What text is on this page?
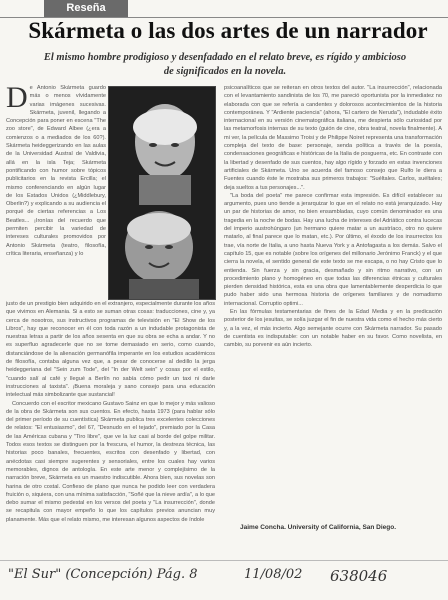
Reseña
Skármeta o las dos artes de un narrador

El mismo hombre prodigioso y desenfadado en el relato breve, es rígido y ambicioso de significados en la novela.

De Antonio Skármeta guardo más o menos vívidamente varias imágenes sucesivas. Skármeta, juvenil, llegando a Concepción para poner en escena "The zoo store", de Edward Albee (¿era a comienzos o a mediados de los 60?). Skármeta heideggerizando en las aulas de la Universidad Austral de Valdivia, allá en la isla Teja; Skármeta pontificando con humor sobre tópicos publicitarios en la revista Ercilla; el mismo conferenciando en algún lugar de los Estados Unidos (¿Middlebury, Oberlin?) y explicando a su audiencia el porqué de ciertas referencias a Los Beatles... ¡Ironías del recuerdo que permiten percibir la variedad de intereses culturales promovidos por Antonio Skármeta (teatro, filosofía, crítica literaria, enseñanza) y lo

justo de un prestigio bien adquirido en el extranjero, especialmente durante los años que vivimos en Alemania. Si a esto se suman otras cosas: traducciones, cine y, ya cerca de nosotros, sus instructivos programas de televisión en "El Show de los Libros", hay que reconocer en él con toda razón a un indudable protagonista de nuestras letras a partir de los años sesenta en que su obra se echa a andar. Y no es superfluo agradecerle que no se tome demasiado en serio, como cuando, distanciándose de la alienación germanófila imperante en los estudios académicos de filosofía, contaba alguna vez que, a pesar de conocerse al dedillo la jerga heideggeriana del "Sein zum Tode", del "In der Welt sein" y cosas por el estilo, "cuando salí al café y llegué a Berlín no sabía cómo pedir un taxi ni darle instrucciones al taxista". ¡Buena moraleja y sano consejo para una educación intelectual más simbolizante que sustancial!

Concuerdo con el escritor mexicano Gustavo Sainz en que lo mejor y más valioso de la obra de Skármeta son sus cuentos. En efecto, hasta 1973 (para hablar sólo del primer período de su cuentística) Skármeta publica tres excelentes colecciones de relatos: "El entusiasmo", del 67, "Desnudo en el tejado", premiado por la Casa de las Américas cubana y "Tiro libre", que ve la luz casi al borde del golpe militar. Todos esos textos se distinguen por la frescura, el humor, la destreza técnica, las historias poco banales, frecuentes, escritos con desenfado y libertad, con anécdotas casi siempre sugerentes y sensoriales, entre los cuales hay varios memorables, dignos de antología. En este arte menor y complejísimo de la narración breve, Skármeta es un maestro indiscutible. Ahora bien, sus novelas son harina de otro costal. Confieso de plano que nunca he podido leer con verdadera fruición o, siquiera, con una mínima satisfacción, "Soñé que la nieve ardía", a lo que debo sumar el mismo pedestal en los versos del poeta y "La insurrección", donde se recapitula con mayor empeño lo que los capítulos previos anuncian muy planamente. Más que el relato mismo, me interesan algunos aspectos de índole

psicoanalíticos que se reiteran en otros textos del autor. "La insurrección", relacionada con el levantamiento sandinista de los 70, me pareció oportunista por la inmediatez no elaborada con que se refería a candentes y dolorosos acontecimientos de la historia contemporánea. Y "Ardiente paciencia" (ahora, "El cartero de Neruda"), indudable éxito internacional en su versión cinematográfica italiana, me despierta sólo curiosidad por las metamorfosis internas de su texto (guión de cine, obra teatral, novela finalmente). A mi ver, la película de Massimo Troisi y de Philippe Noiret representa una transformación compleja del texto de base: personaje, senda política a través de la poesía, condensaciones geográficas e históricas de la Italia de posguerra, etc. En contraste con la libertad y desenfado de sus cuentos, hay algo rígido y forzado en estas invenciones artificiales de Skármeta. Uno se acuerda del famoso consejo que Rulfo le diera a Fuentes cuando éste le mostraba sus primeros trabajos: "Suéltales. Carlos, suéltales; deja sueltos a tus personajes...".

"La boda del poeta" me parece confirmar esta impresión. Es difícil establecer su argumento, pues uno tiende a jerarquizar lo que en el relato no está jerarquizado. Hay un par de historias de amor, no bien ensambladas, cuyo común denominador es una tragedia en la noche de bodas. Hay una lucha de intereses del Adriático contra lucecas del imperio austrohúngaro (un hermano quiere matar a un austríaco, otro no quiere matarlo, al final parece que lo matan, etc.). Por último, el éxodo de los insurrectos los trae, vía norte de Italia, a uno hasta Nueva York y a Antofagasta a los demás. Salvo el capítulo 15, que es notable (sobre los orígenes del millonario Jerónimo Franck) y el que cierra la novela, el sentido general de este texto se me escapa, o no hay Cristo que lo entienda. Sin fuerza y sin gracia, desmañado y sin ritmo narrativo, con un procedimiento plano y homogéneo en que todas las diferencias étnicas y culturales pierden densidad histórica, esta es una obra que lamentablemente desperdicia lo que pudo haber sido una hermosa historia de orígenes familiares y de nomadismo internacional. Corruptio optimi...

En las fórmulas testamentarias de fines de la Edad Media y en la predicación posterior de los jesuitas, se solía juzgar el fin de nuestra vida como el hecho más cierto y, a la vez, el más incierto. Algo semejante ocurre con Skármeta narrador. Su pasado de cuentista es indisputable: con un notable haber en su favor. Como novelista, en cambio, su porvenir es aún incierto.

Jaime Concha. University of California, San Diego.
"El Sur" (Concepción) Pág. 8	11/08/02 638046
